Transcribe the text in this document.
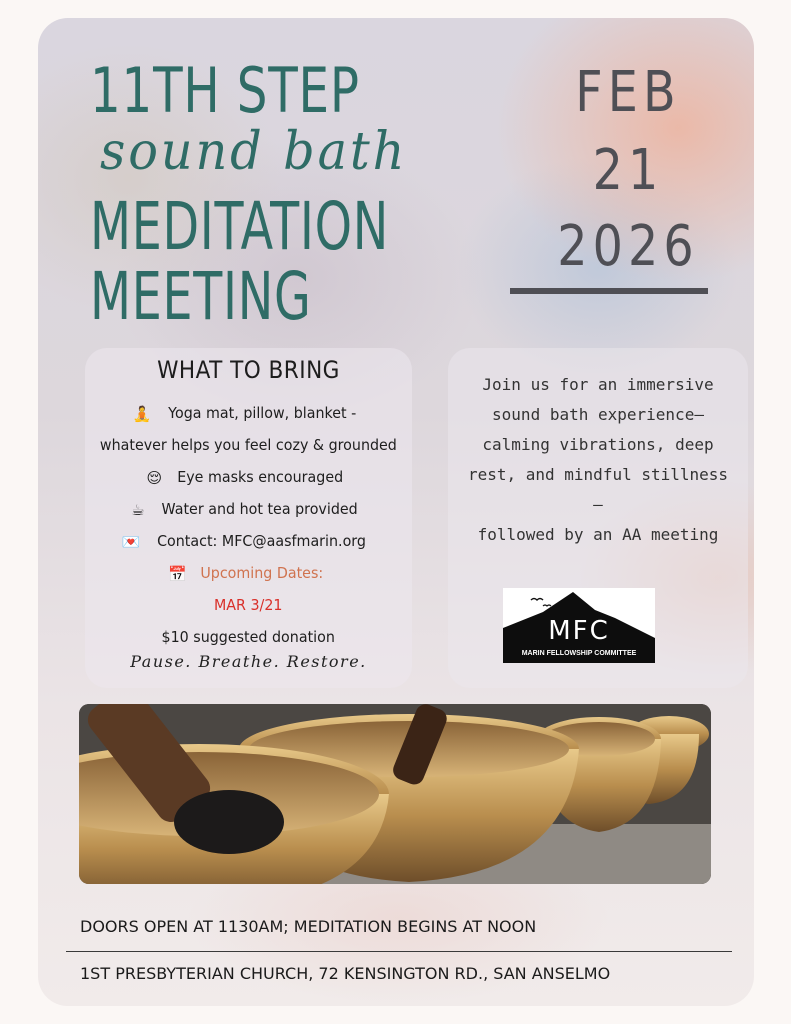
11TH STEP
sound bath
MEDITATION
MEETING
FEB
21
2026
WHAT TO BRING
🧘 Yoga mat, pillow, blanket -
whatever helps you feel cozy & grounded
😌 Eye masks encouraged
☕ Water and hot tea provided
💌 Contact: MFC@aasfmarin.org
📅 Upcoming Dates:
MAR 3/21
$10 suggested donation
Pause. Breathe. Restore.
Join us for an immersive
sound bath experience—
calming vibrations, deep
rest, and mindful stillness
—
followed by an AA meeting
MFC
MARIN FELLOWSHIP COMMITTEE
DOORS OPEN AT 1130AM; MEDITATION BEGINS AT NOON
1ST PRESBYTERIAN CHURCH, 72 KENSINGTON RD., SAN ANSELMO
